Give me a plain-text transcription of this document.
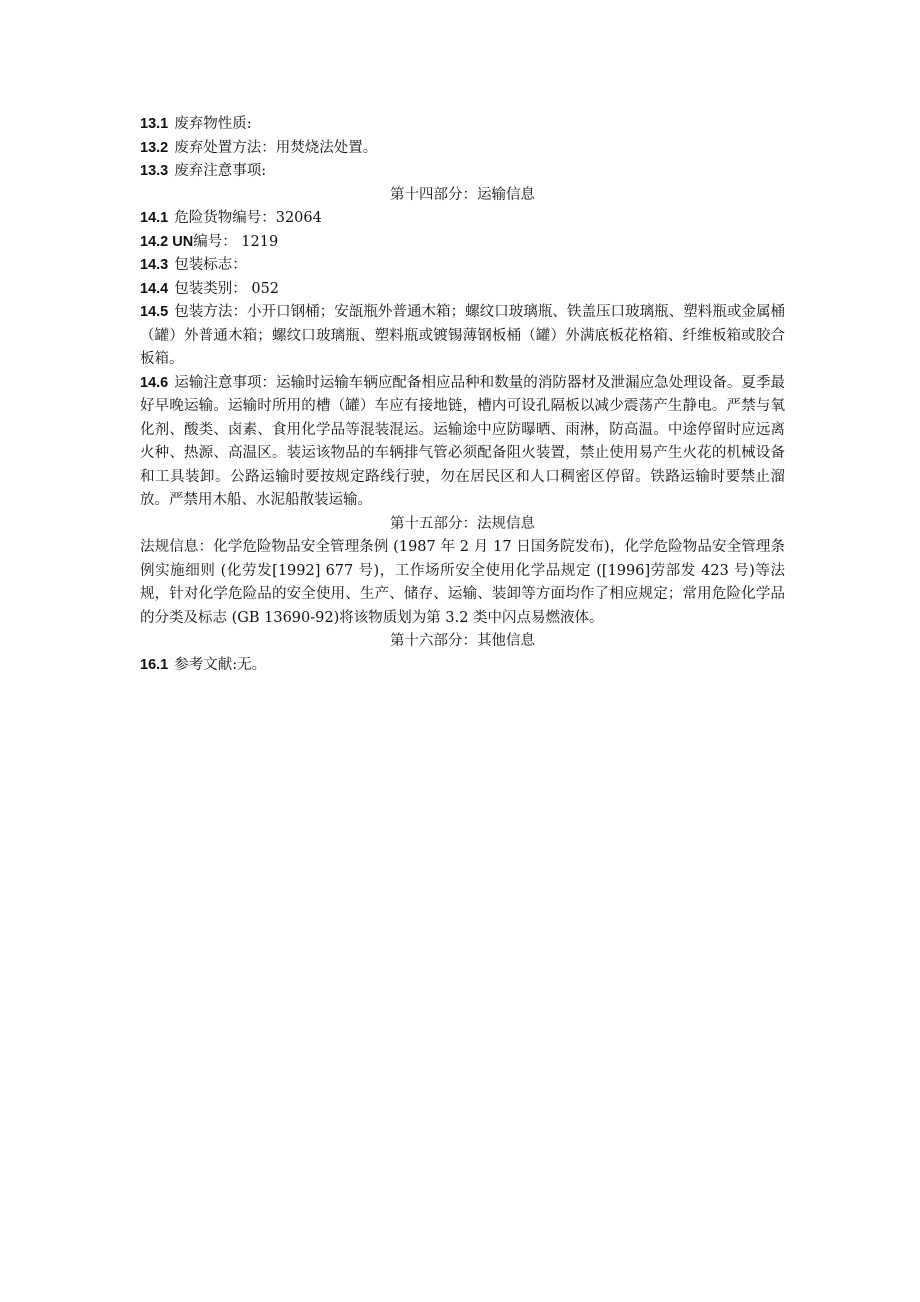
13.1 废弃物性质:

13.2 废弃处置方法：用焚烧法处置。

13.3 废弃注意事项:

第十四部分：运输信息

14.1 危险货物编号：32064

14.2 UN编号： 1219

14.3 包装标志：

14.4 包装类别： 052

14.5 包装方法：小开口钢桶；安瓿瓶外普通木箱；螺纹口玻璃瓶、铁盖压口玻璃瓶、塑料瓶或金属桶（罐）外普通木箱；螺纹口玻璃瓶、塑料瓶或镀锡薄钢板桶（罐）外满底板花格箱、纤维板箱或胶合板箱。

14.6 运输注意事项：运输时运输车辆应配备相应品种和数量的消防器材及泄漏应急处理设备。夏季最好早晚运输。运输时所用的槽（罐）车应有接地链，槽内可设孔隔板以减少震荡产生静电。严禁与氧化剂、酸类、卤素、食用化学品等混装混运。运输途中应防曝晒、雨淋，防高温。中途停留时应远离火种、热源、高温区。装运该物品的车辆排气管必须配备阻火装置，禁止使用易产生火花的机械设备和工具装卸。公路运输时要按规定路线行驶，勿在居民区和人口稠密区停留。铁路运输时要禁止溜放。严禁用木船、水泥船散装运输。

第十五部分：法规信息

法规信息：化学危险物品安全管理条例 (1987 年 2 月 17 日国务院发布)，化学危险物品安全管理条例实施细则 (化劳发[1992] 677 号)，工作场所安全使用化学品规定 ([1996]劳部发 423 号)等法规，针对化学危险品的安全使用、生产、储存、运输、装卸等方面均作了相应规定；常用危险化学品的分类及标志 (GB 13690-92)将该物质划为第 3.2 类中闪点易燃液体。

第十六部分：其他信息

16.1 参考文献:无。
